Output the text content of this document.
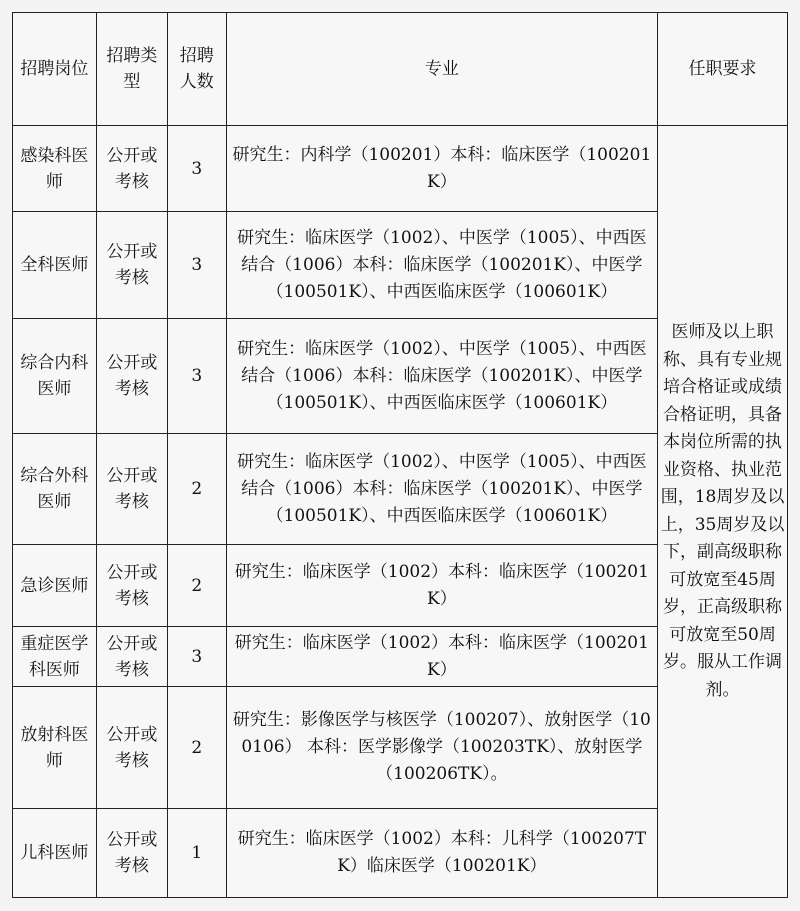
招聘岗位	招聘类型	招聘人数	专业	任职要求
感染科医师	公开或考核	3	研究生：内科学（100201）本科：临床医学（100201K）	医师及以上职称、具有专业规培合格证或成绩合格证明，具备本岗位所需的执业资格、执业范围，18周岁及以上，35周岁及以下，副高级职称可放宽至45周岁，正高级职称可放宽至50周岁。服从工作调剂。
全科医师	公开或考核	3	研究生：临床医学（1002）、中医学（1005）、中西医结合（1006）本科：临床医学（100201K）、中医学（100501K）、中西医临床医学（100601K）	
综合内科医师	公开或考核	3	研究生：临床医学（1002）、中医学（1005）、中西医结合（1006）本科：临床医学（100201K）、中医学（100501K）、中西医临床医学（100601K）	
综合外科医师	公开或考核	2	研究生：临床医学（1002）、中医学（1005）、中西医结合（1006）本科：临床医学（100201K）、中医学（100501K）、中西医临床医学（100601K）	
急诊医师	公开或考核	2	研究生：临床医学（1002）本科：临床医学（100201K）	
重症医学科医师	公开或考核	3	研究生：临床医学（1002）本科：临床医学（100201K）	
放射科医师	公开或考核	2	研究生：影像医学与核医学（100207）、放射医学（100106） 本科：医学影像学（100203TK）、放射医学（100206TK）。	
儿科医师	公开或考核	1	研究生：临床医学（1002）本科：儿科学（100207TK）临床医学（100201K）	
